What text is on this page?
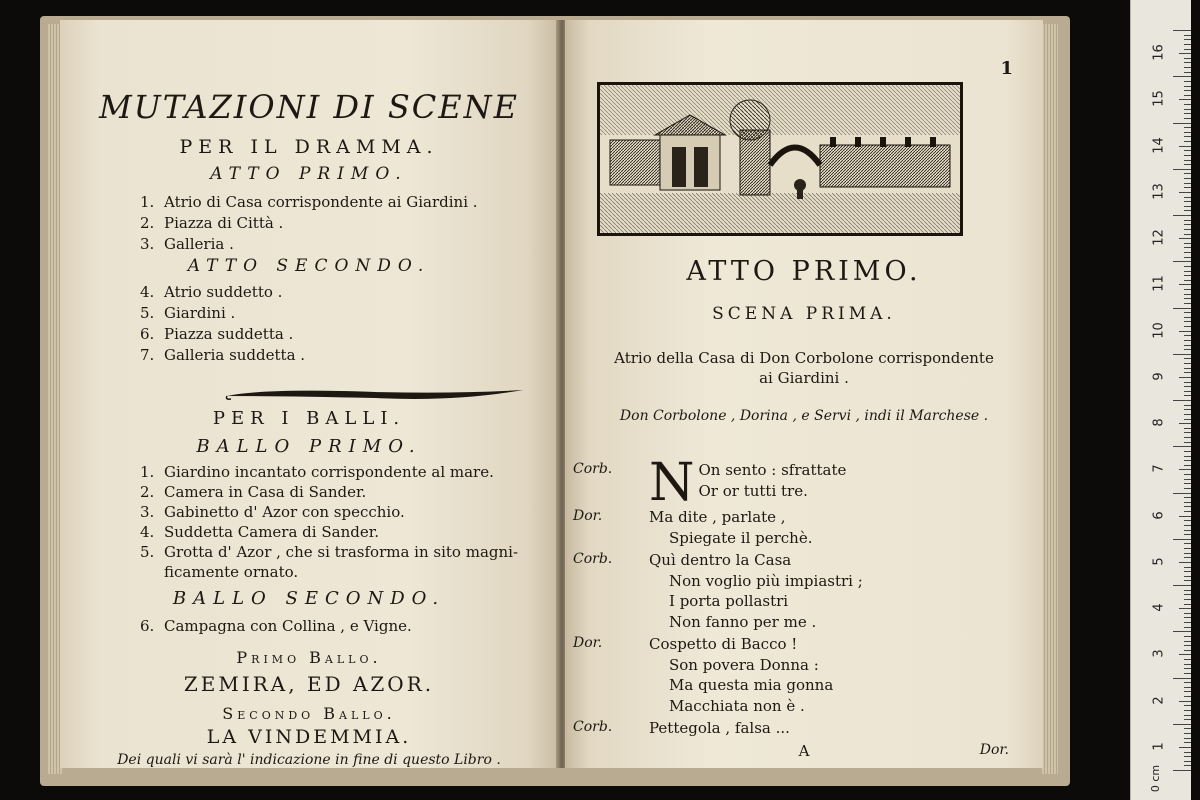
MUTAZIONI DI SCENE
PER IL DRAMMA.
ATTO PRIMO.
1. Atrio di Casa corrispondente ai Giardini .
2. Piazza di Città .
3. Galleria .
ATTO SECONDO.
4. Atrio suddetto .
5. Giardini .
6. Piazza suddetta .
7. Galleria suddetta .
PER I BALLI.
BALLO PRIMO.
1. Giardino incantato corrispondente al mare.
2. Camera in Casa di Sander.
3. Gabinetto d' Azor con specchio.
4. Suddetta Camera di Sander.
5. Grotta d' Azor , che si trasforma in sito magni-
ficamente ornato.
BALLO SECONDO.
6. Campagna con Collina , e Vigne.
Primo Ballo.
ZEMIRA, ED AZOR.
Secondo Ballo.
LA VINDEMMIA.
Dei quali vi sarà l' indicazione in fine di questo Libro .
1
ATTO PRIMO.
SCENA PRIMA.
Atrio della Casa di Don Corbolone corrispondente
ai Giardini .
Don Corbolone , Dorina , e Servi , indi il Marchese .
Corb. N On sento : sfrattate
Or or tutti tre.
Dor.	Ma dite , parlate ,
Spiegate il perchè.
Corb.	Quì dentro la Casa
Non voglio più impiastri ;
I porta pollastri
Non fanno per me .
Dor.	Cospetto di Bacco !
Son povera Donna :
Ma questa mia gonna
Macchiata non è .
Corb.	Pettegola , falsa ...
A	Dor.
16
15
14
13
12
11
10
9
8
7
6
5
4
3
2
1
0 cm
